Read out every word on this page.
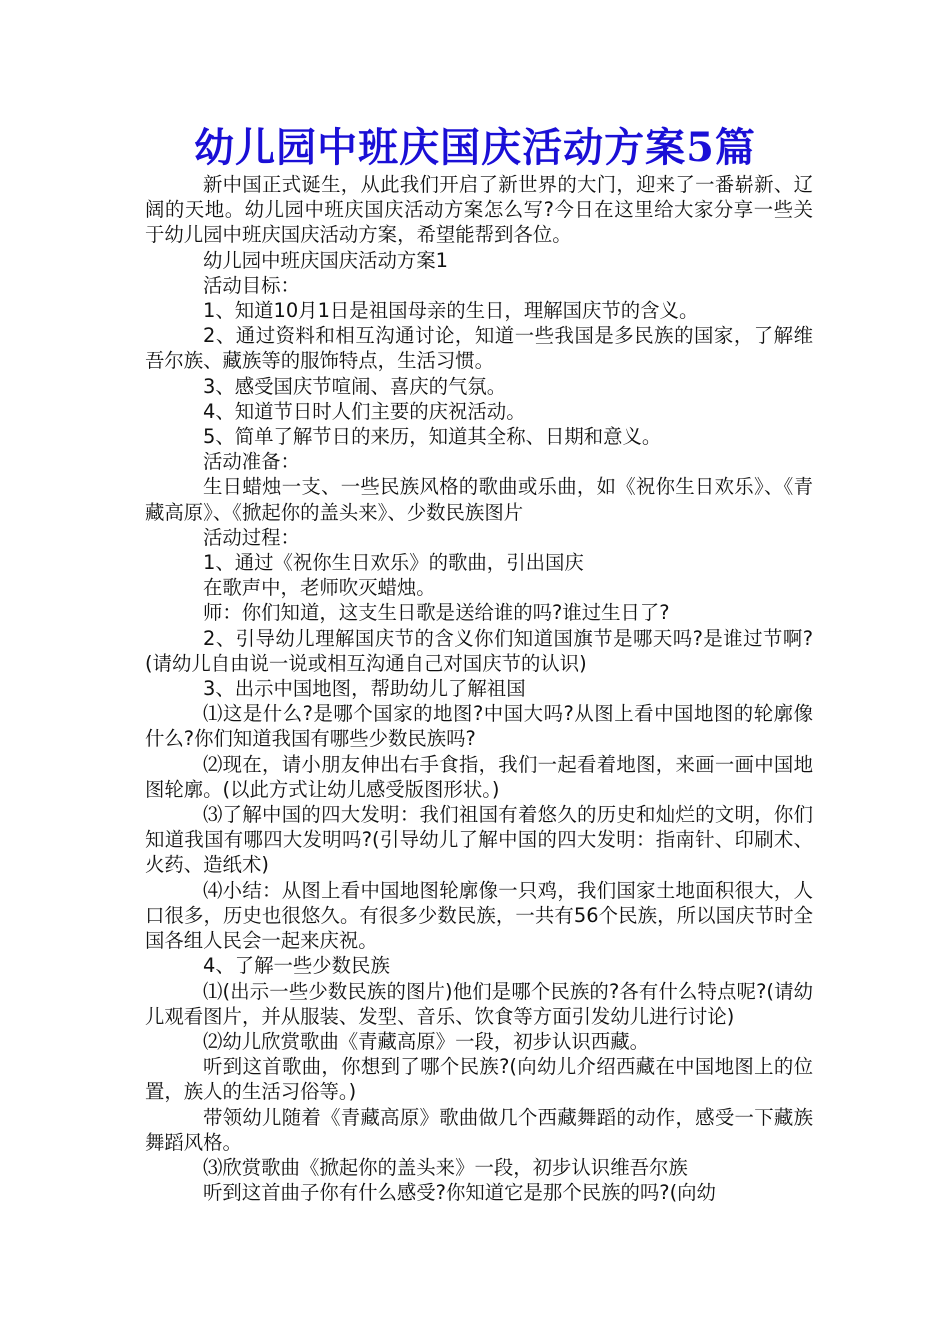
幼儿园中班庆国庆活动方案5篇

新中国正式诞生，从此我们开启了新世界的大门，迎来了一番崭新、辽阔的天地。幼儿园中班庆国庆活动方案怎么写?今日在这里给大家分享一些关于幼儿园中班庆国庆活动方案，希望能帮到各位。

幼儿园中班庆国庆活动方案1

活动目标：

1、知道10月1日是祖国母亲的生日，理解国庆节的含义。

2、通过资料和相互沟通讨论，知道一些我国是多民族的国家，了解维吾尔族、藏族等的服饰特点，生活习惯。

3、感受国庆节喧闹、喜庆的气氛。

4、知道节日时人们主要的庆祝活动。

5、简单了解节日的来历，知道其全称、日期和意义。

活动准备：

生日蜡烛一支、一些民族风格的歌曲或乐曲，如《祝你生日欢乐》、《青藏高原》、《掀起你的盖头来》、少数民族图片

活动过程：

1、通过《祝你生日欢乐》的歌曲，引出国庆

在歌声中，老师吹灭蜡烛。

师：你们知道，这支生日歌是送给谁的吗?谁过生日了?

2、引导幼儿理解国庆节的含义你们知道国旗节是哪天吗?是谁过节啊?(请幼儿自由说一说或相互沟通自己对国庆节的认识)

3、出示中国地图，帮助幼儿了解祖国

⑴这是什么?是哪个国家的地图?中国大吗?从图上看中国地图的轮廓像什么?你们知道我国有哪些少数民族吗?

⑵现在，请小朋友伸出右手食指，我们一起看着地图，来画一画中国地图轮廓。(以此方式让幼儿感受版图形状。)

⑶了解中国的四大发明：我们祖国有着悠久的历史和灿烂的文明，你们知道我国有哪四大发明吗?(引导幼儿了解中国的四大发明：指南针、印刷术、火药、造纸术)

⑷小结：从图上看中国地图轮廓像一只鸡，我们国家土地面积很大，人口很多，历史也很悠久。有很多少数民族，一共有56个民族，所以国庆节时全国各组人民会一起来庆祝。

4、了解一些少数民族

⑴(出示一些少数民族的图片)他们是哪个民族的?各有什么特点呢?(请幼儿观看图片，并从服装、发型、音乐、饮食等方面引发幼儿进行讨论)

⑵幼儿欣赏歌曲《青藏高原》一段，初步认识西藏。

听到这首歌曲，你想到了哪个民族?(向幼儿介绍西藏在中国地图上的位置，族人的生活习俗等。)

带领幼儿随着《青藏高原》歌曲做几个西藏舞蹈的动作，感受一下藏族舞蹈风格。

⑶欣赏歌曲《掀起你的盖头来》一段，初步认识维吾尔族

听到这首曲子你有什么感受?你知道它是那个民族的吗?(向幼
